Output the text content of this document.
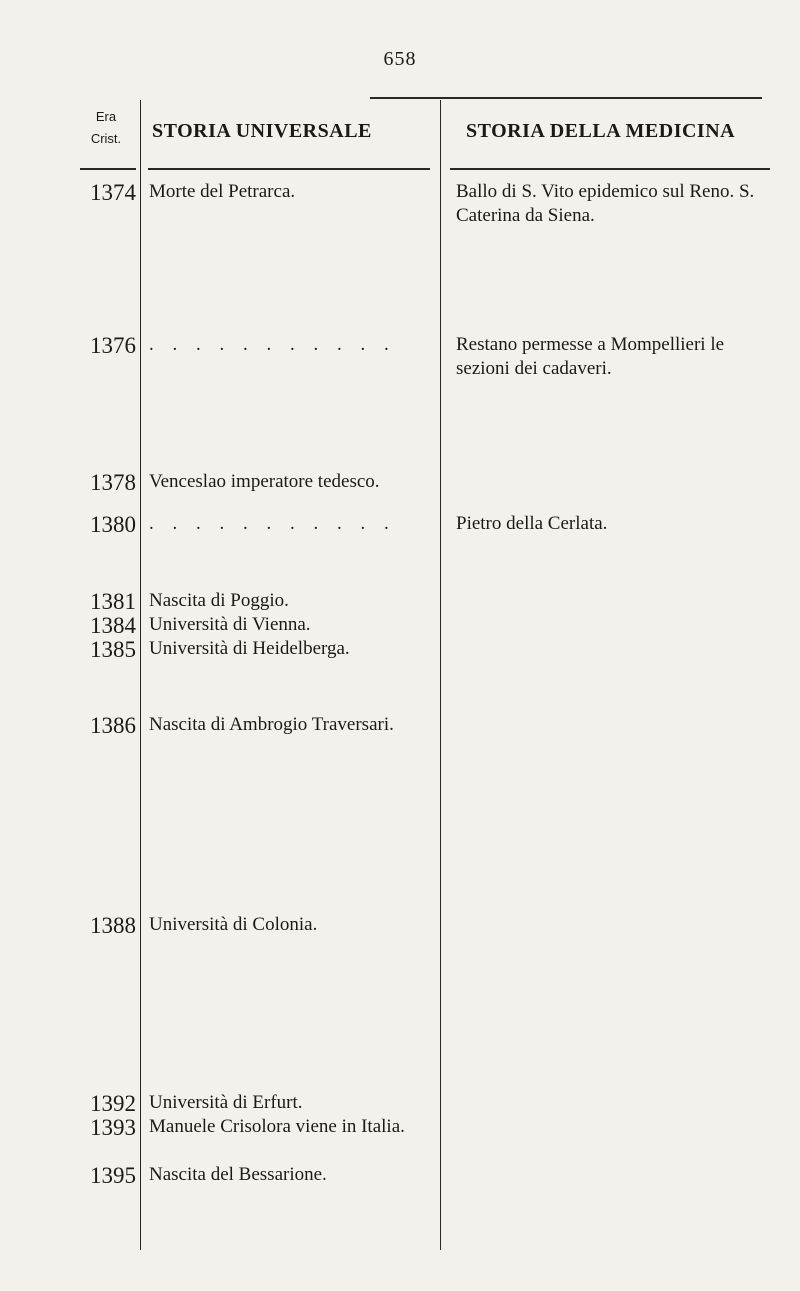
658
Era
Crist.	STORIA UNIVERSALE	STORIA DELLA MEDICINA
1374 Morte del Petrarca.	Ballo di S. Vito epidemico sul Reno. S. Caterina da Siena.
1376 . . . . . . . . . . .	Restano permesse a Mompellieri le sezioni dei cadaveri.
1378 Venceslao imperatore tedesco.
1380 . . . . . . . . . . .	Pietro della Cerlata.
1381 Nascita di Poggio.
1384 Università di Vienna.
1385 Università di Heidelberga.
1386 Nascita di Ambrogio Traversari.
1388 Università di Colonia.
1392 Università di Erfurt.
1393 Manuele Crisolora viene in Italia.
1395 Nascita del Bessarione.
